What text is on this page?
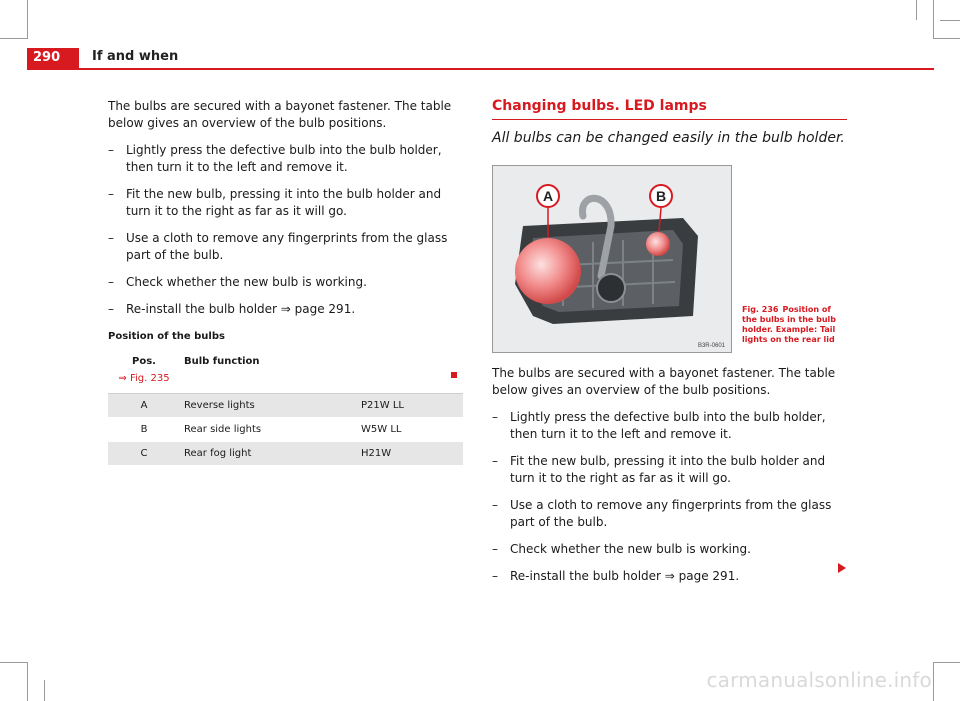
290	If and when

The bulbs are secured with a bayonet fastener. The table below gives an overview of the bulb positions.

– Lightly press the defective bulb into the bulb holder, then turn it to the left and remove it.
– Fit the new bulb, pressing it into the bulb holder and turn it to the right as far as it will go.
– Use a cloth to remove any fingerprints from the glass part of the bulb.
– Check whether the new bulb is working.
– Re-install the bulb holder ⇒ page 291.
Position of the bulbs
Pos.
⇒ Fig. 235	Bulb function	
A	Reverse lights	P21W LL
B	Rear side lights	W5W LL
C	Rear fog light	H21W
Changing bulbs. LED lamps
All bulbs can be changed easily in the bulb holder.
A	B
B3R-0601
Fig. 236 Position of the bulbs in the bulb holder. Example: Tail lights on the rear lid

The bulbs are secured with a bayonet fastener. The table below gives an overview of the bulb positions.

– Lightly press the defective bulb into the bulb holder, then turn it to the left and remove it.
– Fit the new bulb, pressing it into the bulb holder and turn it to the right as far as it will go.
– Use a cloth to remove any fingerprints from the glass part of the bulb.
– Check whether the new bulb is working.
– Re-install the bulb holder ⇒ page 291.
carmanualsonline.info
